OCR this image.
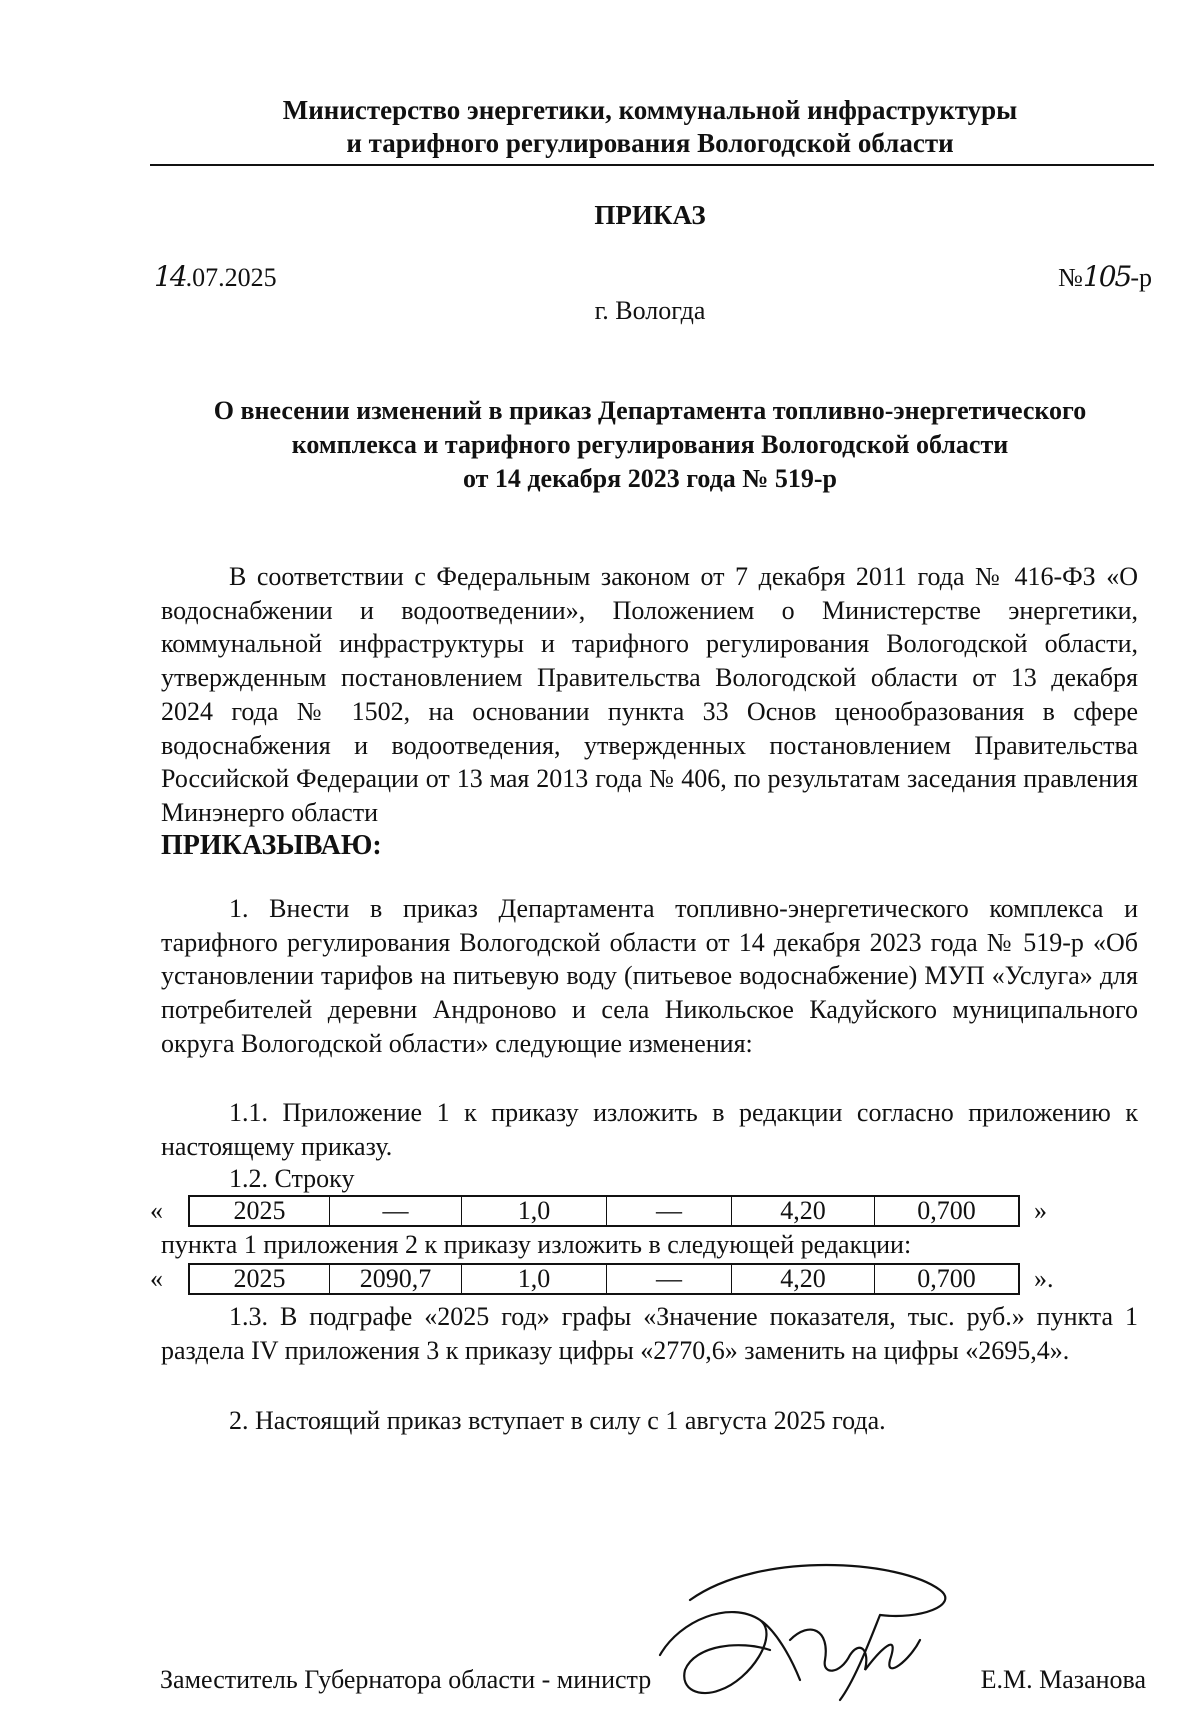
Министерство энергетики, коммунальной инфраструктуры
и тарифного регулирования Вологодской области
ПРИКАЗ
14.07.2025	№105-р
г. Вологда
О внесении изменений в приказ Департамента топливно-энергетического
комплекса и тарифного регулирования Вологодской области
от 14 декабря 2023 года № 519-р
В соответствии с Федеральным законом от 7 декабря 2011 года № 416-ФЗ «О водоснабжении и водоотведении», Положением о Министерстве энергетики, коммунальной инфраструктуры и тарифного регулирования Вологодской области, утвержденным постановлением Правительства Вологодской области от 13 декабря 2024 года № 1502, на основании пункта 33 Основ ценообразования в сфере водоснабжения и водоотведения, утвержденных постановлением Правительства Российской Федерации от 13 мая 2013 года № 406, по результатам заседания правления Минэнерго области
ПРИКАЗЫВАЮ:
1. Внести в приказ Департамента топливно-энергетического комплекса и тарифного регулирования Вологодской области от 14 декабря 2023 года № 519-р «Об установлении тарифов на питьевую воду (питьевое водоснабжение) МУП «Услуга» для потребителей деревни Андроново и села Никольское Кадуйского муниципального округа Вологодской области» следующие изменения:
1.1. Приложение 1 к приказу изложить в редакции согласно приложению к настоящему приказу.
1.2. Строку
«	2025	—	1,0	—	4,20	0,700	»
пункта 1 приложения 2 к приказу изложить в следующей редакции:
«	2025	2090,7	1,0	—	4,20	0,700	».
1.3. В подграфе «2025 год» графы «Значение показателя, тыс. руб.» пункта 1 раздела IV приложения 3 к приказу цифры «2770,6» заменить на цифры «2695,4».
2. Настоящий приказ вступает в силу с 1 августа 2025 года.
Заместитель Губернатора области - министр	Е.М. Мазанова
